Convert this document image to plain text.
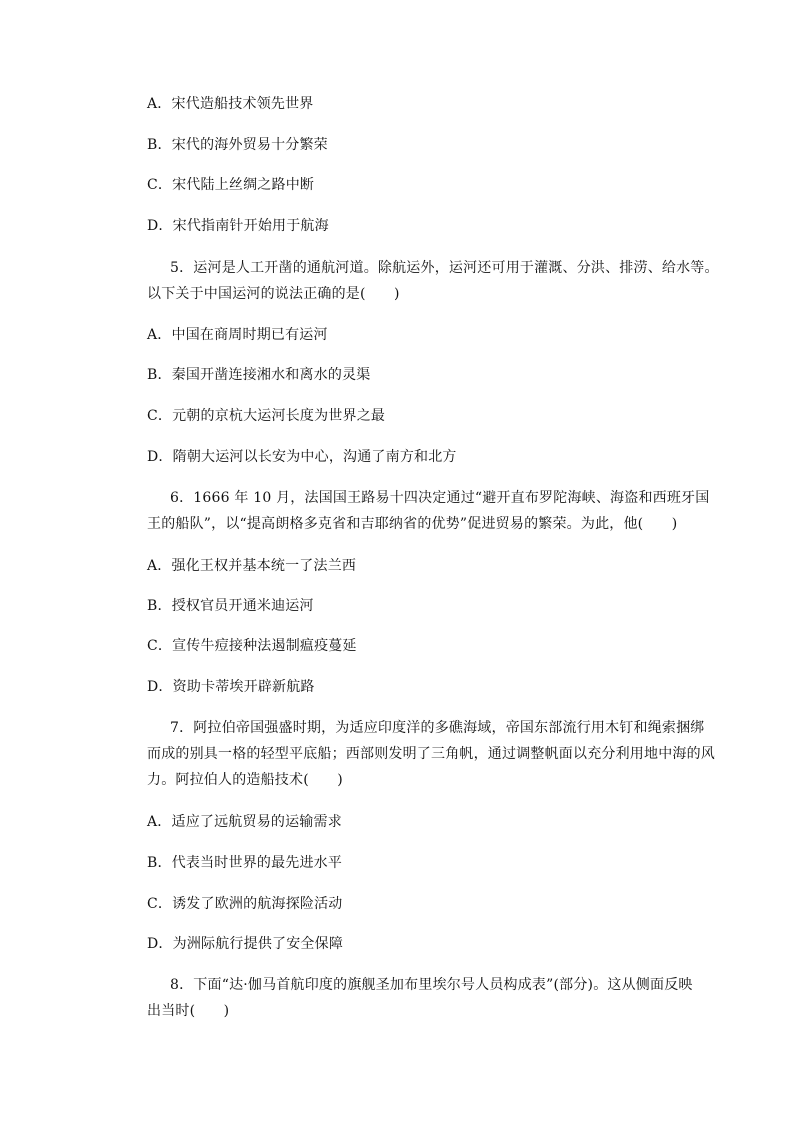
A．宋代造船技术领先世界
B．宋代的海外贸易十分繁荣
C．宋代陆上丝绸之路中断
D．宋代指南针开始用于航海
5．运河是人工开凿的通航河道。除航运外，运河还可用于灌溉、分洪、排涝、给水等。
以下关于中国运河的说法正确的是(　　)
A．中国在商周时期已有运河
B．秦国开凿连接湘水和离水的灵渠
C．元朝的京杭大运河长度为世界之最
D．隋朝大运河以长安为中心，沟通了南方和北方
6．1666 年 10 月，法国国王路易十四决定通过“避开直布罗陀海峡、海盗和西班牙国
王的船队”，以“提高朗格多克省和吉耶纳省的优势”促进贸易的繁荣。为此，他(　　)
A．强化王权并基本统一了法兰西
B．授权官员开通米迪运河
C．宣传牛痘接种法遏制瘟疫蔓延
D．资助卡蒂埃开辟新航路
7．阿拉伯帝国强盛时期，为适应印度洋的多礁海域，帝国东部流行用木钉和绳索捆绑
而成的别具一格的轻型平底船；西部则发明了三角帆，通过调整帆面以充分利用地中海的风
力。阿拉伯人的造船技术(　　)
A．适应了远航贸易的运输需求
B．代表当时世界的最先进水平
C．诱发了欧洲的航海探险活动
D．为洲际航行提供了安全保障
8．下面“达·伽马首航印度的旗舰圣加布里埃尔号人员构成表”(部分)。这从侧面反映
出当时(　　)
